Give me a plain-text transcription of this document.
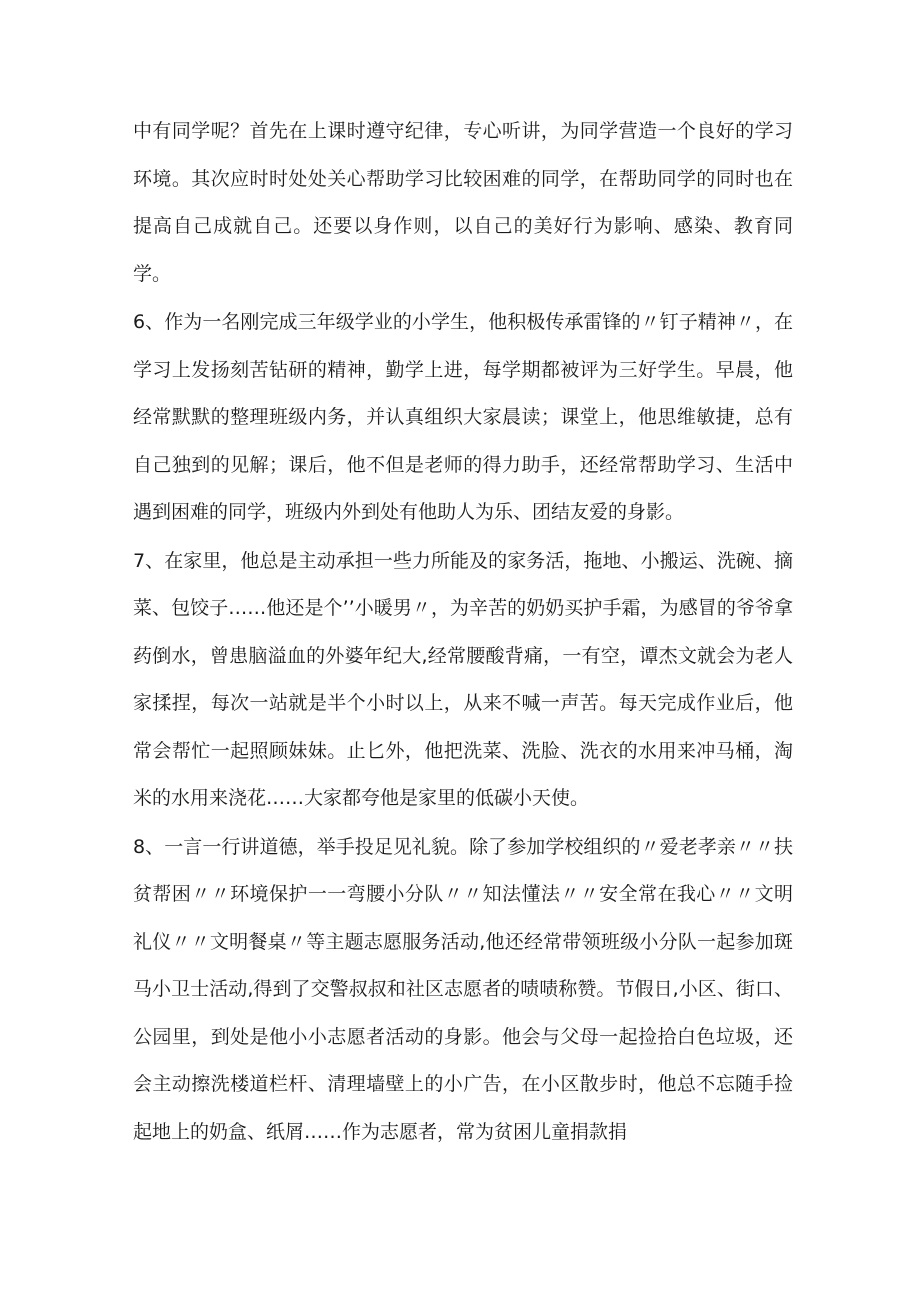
中有同学呢？首先在上课时遵守纪律，专心听讲，为同学营造一个良好的学习环境。其次应时时处处关心帮助学习比较困难的同学，在帮助同学的同时也在提高自己成就自己。还要以身作则，以自己的美好行为影响、感染、教育同学。

6、作为一名刚完成三年级学业的小学生，他积极传承雷锋的〃钉子精神〃，在学习上发扬刻苦钻研的精神，勤学上进，每学期都被评为三好学生。早晨，他经常默默的整理班级内务，并认真组织大家晨读；课堂上，他思维敏捷，总有自己独到的见解；课后，他不但是老师的得力助手，还经常帮助学习、生活中遇到困难的同学，班级内外到处有他助人为乐、团结友爱的身影。

7、在家里，他总是主动承担一些力所能及的家务活，拖地、小搬运、洗碗、摘菜、包饺子……他还是个’’小暖男〃，为辛苦的奶奶买护手霜，为感冒的爷爷拿药倒水，曾患脑溢血的外婆年纪大,经常腰酸背痛，一有空，谭杰文就会为老人家揉捏，每次一站就是半个小时以上，从来不喊一声苦。每天完成作业后，他常会帮忙一起照顾妹妹。止匕外，他把洗菜、洗脸、洗衣的水用来冲马桶，淘米的水用来浇花……大家都夸他是家里的低碳小天使。

8、一言一行讲道德，举手投足见礼貌。除了参加学校组织的〃爱老孝亲〃〃扶贫帮困〃〃环境保护一一弯腰小分队〃〃知法懂法〃〃安全常在我心〃〃文明礼仪〃〃文明餐桌〃等主题志愿服务活动,他还经常带领班级小分队一起参加斑马小卫士活动,得到了交警叔叔和社区志愿者的啧啧称赞。节假日,小区、街口、公园里，到处是他小小志愿者活动的身影。他会与父母一起捡拾白色垃圾，还会主动擦洗楼道栏杆、清理墙壁上的小广告，在小区散步时，他总不忘随手捡起地上的奶盒、纸屑……作为志愿者，常为贫困儿童捐款捐
